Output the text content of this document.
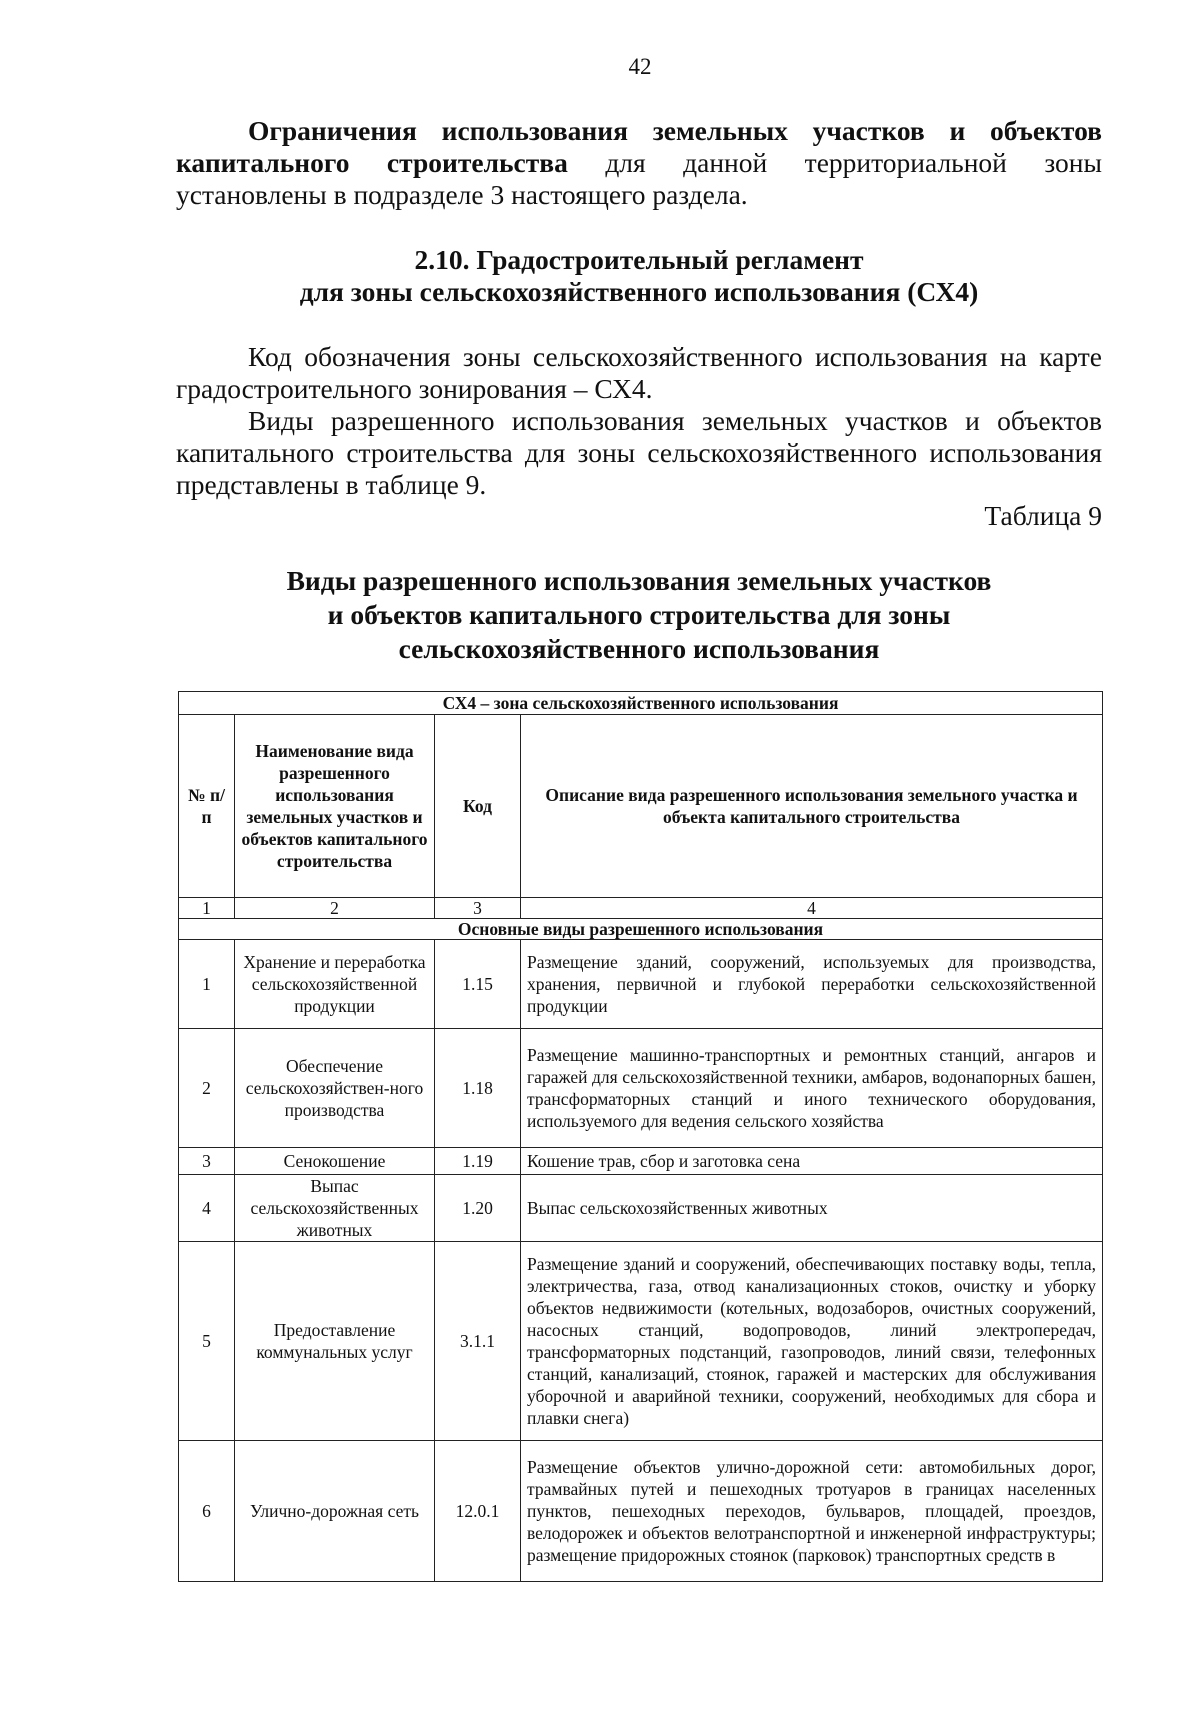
42
Ограничения использования земельных участков и объектов капитального строительства для данной территориальной зоны установлены в подразделе 3 настоящего раздела.
2.10. Градостроительный регламент
для зоны сельскохозяйственного использования (СХ4)
Код обозначения зоны сельскохозяйственного использования на карте градостроительного зонирования – СХ4.
Виды разрешенного использования земельных участков и объектов капитального строительства для зоны сельскохозяйственного использования представлены в таблице 9.
Таблица 9
Виды разрешенного использования земельных участков
и объектов капитального строительства для зоны
сельскохозяйственного использования
СХ4 – зона сельскохозяйственного использования			
№ п/п	Наименование вида разрешенного использования земельных участков и объектов капитального строительства	Код	Описание вида разрешенного использования земельного участка и объекта капитального строительства
1	2	3	4
Основные виды разрешенного использования			
1	Хранение и переработка сельскохозяйственной продукции	1.15	Размещение зданий, сооружений, используемых для производства, хранения, первичной и глубокой переработки сельскохозяйственной продукции
2	Обеспечение сельскохозяйствен-ного производства	1.18	Размещение машинно-транспортных и ремонтных станций, ангаров и гаражей для сельскохозяйственной техники, амбаров, водонапорных башен, трансформаторных станций и иного технического оборудования, используемого для ведения сельского хозяйства
3	Сенокошение	1.19	Кошение трав, сбор и заготовка сена
4	Выпас сельскохозяйственных животных	1.20	Выпас сельскохозяйственных животных
5	Предоставление коммунальных услуг	3.1.1	Размещение зданий и сооружений, обеспечивающих поставку воды, тепла, электричества, газа, отвод канализационных стоков, очистку и уборку объектов недвижимости (котельных, водозаборов, очистных сооружений, насосных станций, водопроводов, линий электропередач, трансформаторных подстанций, газопроводов, линий связи, телефонных станций, канализаций, стоянок, гаражей и мастерских для обслуживания уборочной и аварийной техники, сооружений, необходимых для сбора и плавки снега)
6	Улично-дорожная сеть	12.0.1	Размещение объектов улично-дорожной сети: автомобильных дорог, трамвайных путей и пешеходных тротуаров в границах населенных пунктов, пешеходных переходов, бульваров, площадей, проездов, велодорожек и объектов велотранспортной и инженерной инфраструктуры; размещение придорожных стоянок (парковок) транспортных средств в
